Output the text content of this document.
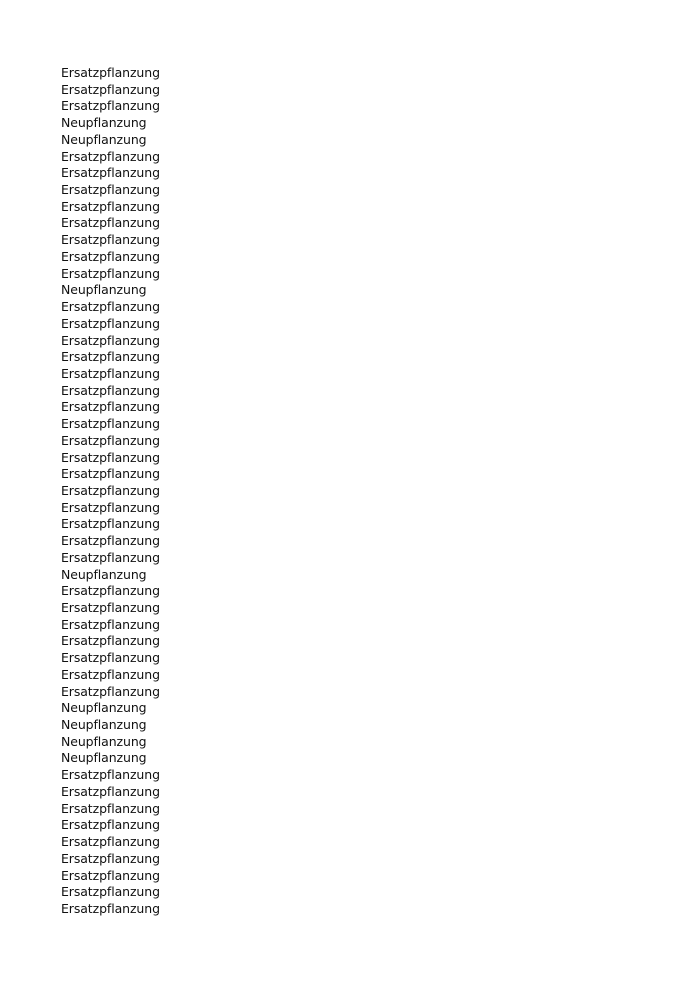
Ersatzpflanzung
Ersatzpflanzung
Ersatzpflanzung
Neupflanzung
Neupflanzung
Ersatzpflanzung
Ersatzpflanzung
Ersatzpflanzung
Ersatzpflanzung
Ersatzpflanzung
Ersatzpflanzung
Ersatzpflanzung
Ersatzpflanzung
Neupflanzung
Ersatzpflanzung
Ersatzpflanzung
Ersatzpflanzung
Ersatzpflanzung
Ersatzpflanzung
Ersatzpflanzung
Ersatzpflanzung
Ersatzpflanzung
Ersatzpflanzung
Ersatzpflanzung
Ersatzpflanzung
Ersatzpflanzung
Ersatzpflanzung
Ersatzpflanzung
Ersatzpflanzung
Ersatzpflanzung
Neupflanzung
Ersatzpflanzung
Ersatzpflanzung
Ersatzpflanzung
Ersatzpflanzung
Ersatzpflanzung
Ersatzpflanzung
Ersatzpflanzung
Neupflanzung
Neupflanzung
Neupflanzung
Neupflanzung
Ersatzpflanzung
Ersatzpflanzung
Ersatzpflanzung
Ersatzpflanzung
Ersatzpflanzung
Ersatzpflanzung
Ersatzpflanzung
Ersatzpflanzung
Ersatzpflanzung
